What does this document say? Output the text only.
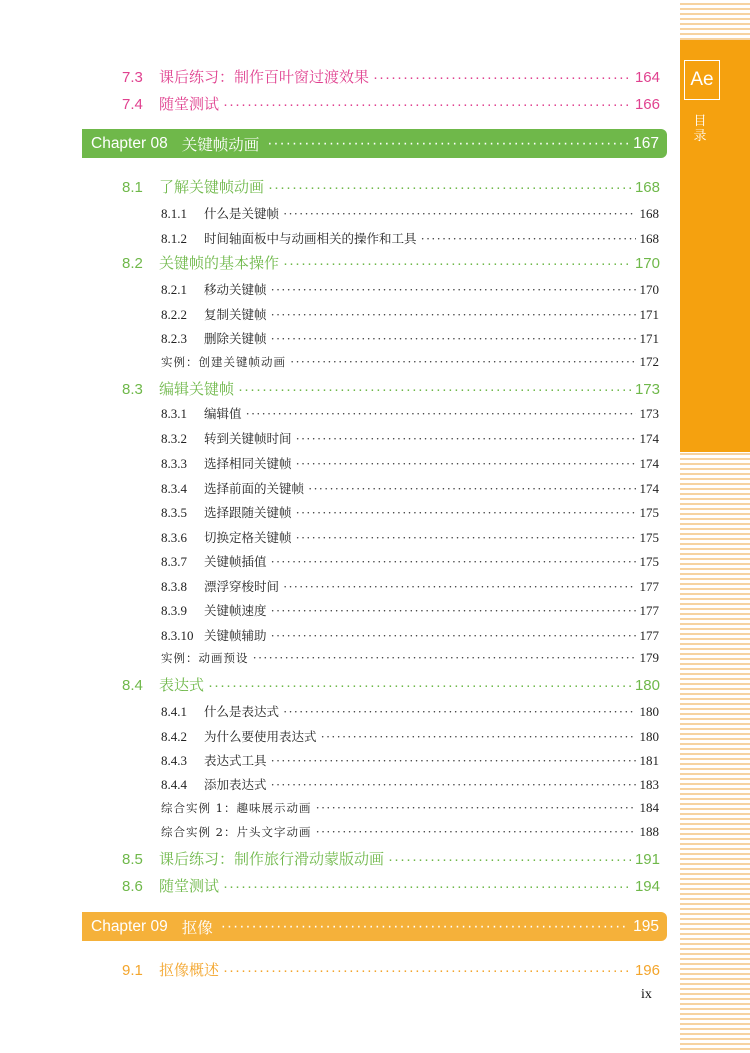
Ae
目
录
7.3	课后练习：制作百叶窗过渡效果 ·····	164
7.4	随堂测试 ·····	166
Chapter 08 关键帧动画 ·····	167
8.1	了解关键帧动画 ·····	168
8.1.1	什么是关键帧 ·····	168
8.1.2	时间轴面板中与动画相关的操作和工具 ·····	168
8.2	关键帧的基本操作 ·····	170
8.2.1	移动关键帧 ·····	170
8.2.2	复制关键帧 ·····	171
8.2.3	删除关键帧 ·····	171
实例：创建关键帧动画 ·····	172
8.3	编辑关键帧 ·····	173
8.3.1	编辑值 ·····	173
8.3.2	转到关键帧时间 ·····	174
8.3.3	选择相同关键帧 ·····	174
8.3.4	选择前面的关键帧 ·····	174
8.3.5	选择跟随关键帧 ·····	175
8.3.6	切换定格关键帧 ·····	175
8.3.7	关键帧插值 ·····	175
8.3.8	漂浮穿梭时间 ·····	177
8.3.9	关键帧速度 ·····	177
8.3.10 关键帧辅助 ·····	177
实例：动画预设 ·····	179
8.4	表达式 ·····	180
8.4.1	什么是表达式 ·····	180
8.4.2	为什么要使用表达式 ·····	180
8.4.3	表达式工具 ·····	181
8.4.4	添加表达式 ·····	183
综合实例 1：趣味展示动画 ·····	184
综合实例 2：片头文字动画 ·····	188
8.5	课后练习：制作旅行滑动蒙版动画 ·····	191
8.6	随堂测试 ·····	194
Chapter 09 抠像 ·····	195
9.1	抠像概述 ·····	196
ix
